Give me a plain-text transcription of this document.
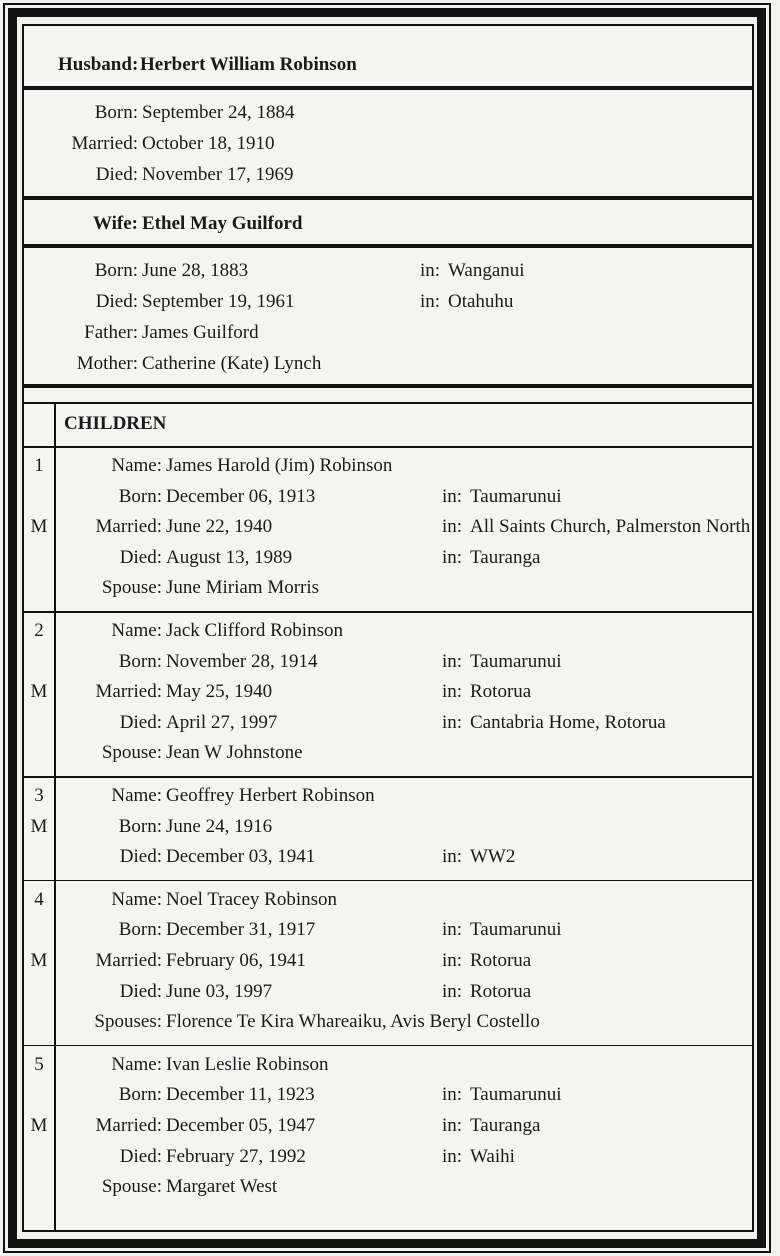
Husband: Herbert William Robinson
Born: September 24, 1884
Married: October 18, 1910
Died: November 17, 1969
Wife: Ethel May Guilford
Born: June 28, 1883	in: Wanganui
Died: September 19, 1961	in: Otahuhu
Father: James Guilford
Mother: Catherine (Kate) Lynch
CHILDREN
1
M
Name: James Harold (Jim) Robinson
Born: December 06, 1913	in: Taumarunui
Married: June 22, 1940	in: All Saints Church, Palmerston North
Died: August 13, 1989	in: Tauranga
Spouse: June Miriam Morris
2
M
Name: Jack Clifford Robinson
Born: November 28, 1914	in: Taumarunui
Married: May 25, 1940	in: Rotorua
Died: April 27, 1997	in: Cantabria Home, Rotorua
Spouse: Jean W Johnstone
3
M
Name: Geoffrey Herbert Robinson
Born: June 24, 1916
Died: December 03, 1941	in: WW2
4
M
Name: Noel Tracey Robinson
Born: December 31, 1917	in: Taumarunui
Married: February 06, 1941	in: Rotorua
Died: June 03, 1997	in: Rotorua
Spouses: Florence Te Kira Whareaiku, Avis Beryl Costello
5
M
Name: Ivan Leslie Robinson
Born: December 11, 1923	in: Taumarunui
Married: December 05, 1947	in: Tauranga
Died: February 27, 1992	in: Waihi
Spouse: Margaret West
